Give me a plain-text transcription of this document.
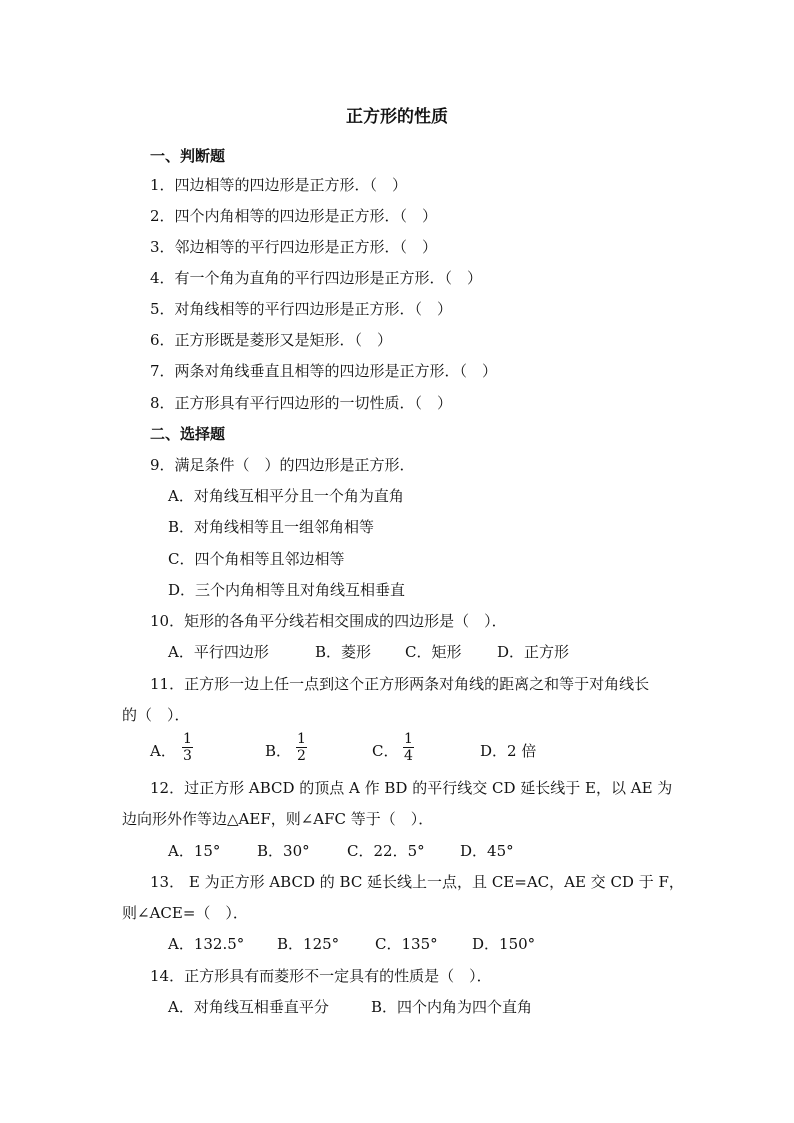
正方形的性质
一、判断题
1．四边相等的四边形是正方形．（　）
2．四个内角相等的四边形是正方形．（　）
3．邻边相等的平行四边形是正方形．（　）
4．有一个角为直角的平行四边形是正方形．（　）
5．对角线相等的平行四边形是正方形．（　）
6．正方形既是菱形又是矩形．（　）
7．两条对角线垂直且相等的四边形是正方形．（　）
8．正方形具有平行四边形的一切性质．（　）
二、选择题
9．满足条件（　）的四边形是正方形．
A．对角线互相平分且一个角为直角
B．对角线相等且一组邻角相等
C．四个角相等且邻边相等
D．三个内角相等且对角线互相垂直
10．矩形的各角平分线若相交围成的四边形是（　）．
A．平行四边形	B．菱形 C．矩形 D．正方形
11．正方形一边上任一点到这个正方形两条对角线的距离之和等于对角线长
的（　）．
A． $\frac{1}{3}$	B． $\frac{1}{2}$	C． $\frac{1}{4}$	D．2 倍
12．过正方形 ABCD 的顶点 A 作 BD 的平行线交 CD 延长线于 E，以 AE 为
边向形外作等边△AEF，则∠AFC 等于（　）．
A．15° B．30° C．22．5° D．45°
13． E 为正方形 ABCD 的 BC 延长线上一点，且 CE=AC，AE 交 CD 于 F，
则∠ACE=（　）．
A．132.5° B．125° C．135° D．150°
14．正方形具有而菱形不一定具有的性质是（　）．
A．对角线互相垂直平分	B．四个内角为四个直角
